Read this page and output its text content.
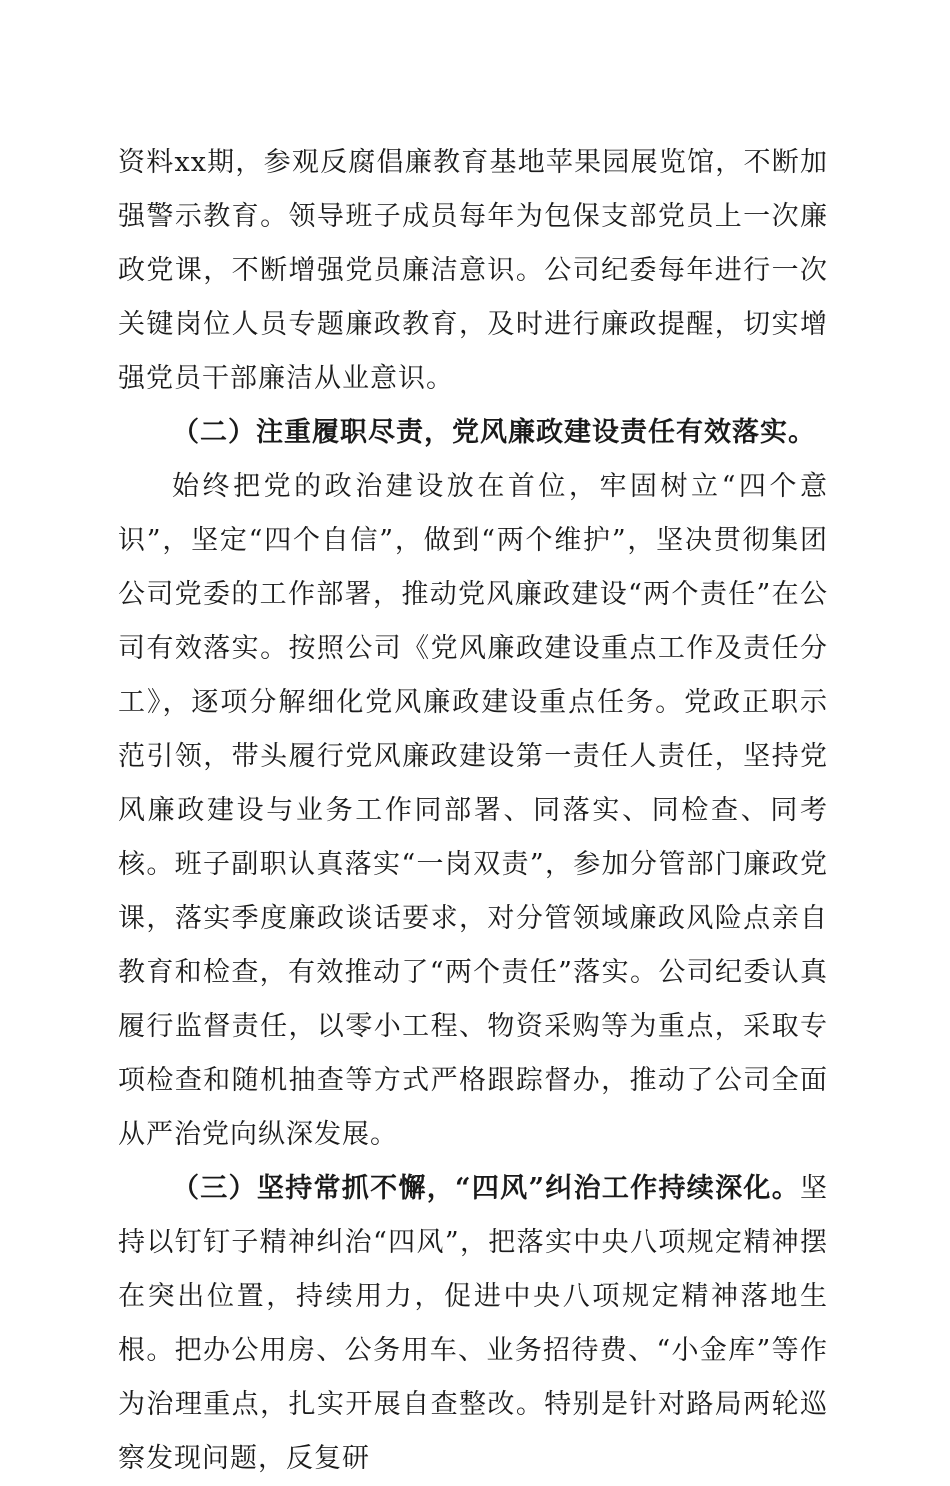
资料xx期，参观反腐倡廉教育基地苹果园展览馆，不断加强警示教育。领导班子成员每年为包保支部党员上一次廉政党课，不断增强党员廉洁意识。公司纪委每年进行一次关键岗位人员专题廉政教育，及时进行廉政提醒，切实增强党员干部廉洁从业意识。

（二）注重履职尽责，党风廉政建设责任有效落实。

始终把党的政治建设放在首位，牢固树立“四个意识”，坚定“四个自信”，做到“两个维护”，坚决贯彻集团公司党委的工作部署，推动党风廉政建设“两个责任”在公司有效落实。按照公司《党风廉政建设重点工作及责任分工》，逐项分解细化党风廉政建设重点任务。党政正职示范引领，带头履行党风廉政建设第一责任人责任，坚持党风廉政建设与业务工作同部署、同落实、同检查、同考核。班子副职认真落实“一岗双责”，参加分管部门廉政党课，落实季度廉政谈话要求，对分管领域廉政风险点亲自教育和检查，有效推动了“两个责任”落实。公司纪委认真履行监督责任，以零小工程、物资采购等为重点，采取专项检查和随机抽查等方式严格跟踪督办，推动了公司全面从严治党向纵深发展。

（三）坚持常抓不懈，“四风”纠治工作持续深化。坚持以钉钉子精神纠治“四风”，把落实中央八项规定精神摆在突出位置，持续用力，促进中央八项规定精神落地生根。把办公用房、公务用车、业务招待费、“小金库”等作为治理重点，扎实开展自查整改。特别是针对路局两轮巡察发现问题，反复研
